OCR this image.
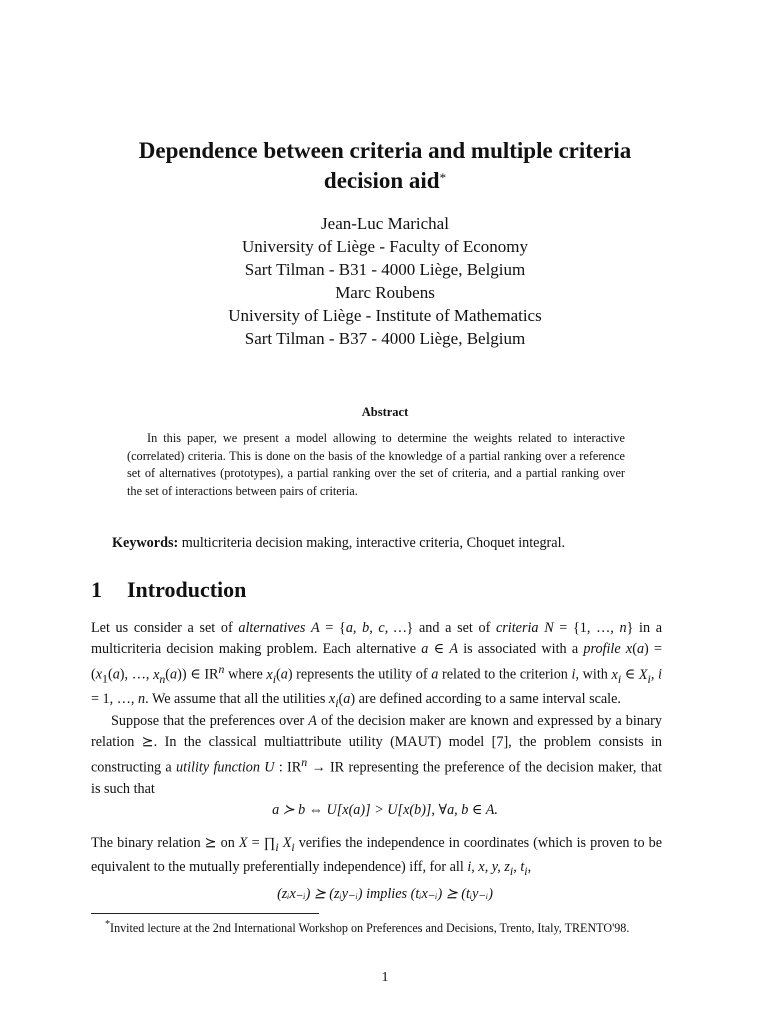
Dependence between criteria and multiple criteria
decision aid*
Jean-Luc Marichal
University of Liège - Faculty of Economy
Sart Tilman - B31 - 4000 Liège, Belgium
Marc Roubens
University of Liège - Institute of Mathematics
Sart Tilman - B37 - 4000 Liège, Belgium
Abstract
In this paper, we present a model allowing to determine the weights related to interactive (correlated) criteria. This is done on the basis of the knowledge of a partial ranking over a reference set of alternatives (prototypes), a partial ranking over the set of criteria, and a partial ranking over the set of interactions between pairs of criteria.
Keywords: multicriteria decision making, interactive criteria, Choquet integral.
1 Introduction
Let us consider a set of alternatives A = {a, b, c, …} and a set of criteria N = {1, …, n} in a multicriteria decision making problem. Each alternative a ∈ A is associated with a profile $x(a) = (x_1(a)$, …, $x_n(a)$) ∈ $IR^n$ where $x_i(a)$ represents the utility of a related to the criterion i, with $x_i$ ∈ $X_i$, i = 1, …, n. We assume that all the utilities $x_i(a)$ are defined according to a same interval scale.
Suppose that the preferences over A of the decision maker are known and expressed by a binary relation ⪰. In the classical multiattribute utility (MAUT) model [7], the problem consists in constructing a utility function U : $IR^n$ → IR representing the preference of the decision maker, that is such that
a ≻ b ⇔ U[x(a)] > U[x(b)], ∀a, b ∈ A.
The binary relation ⪰ on $X = \prod_i$ $X_i$ verifies the independence in coordinates (which is proven to be equivalent to the mutually preferentially independence) iff, for all i, x, y, $z_i$, $t_i$,
(zᵢx₋ᵢ) ⪰ (zᵢy₋ᵢ) implies (tᵢx₋ᵢ) ⪰ (tᵢy₋ᵢ)
*Invited lecture at the 2nd International Workshop on Preferences and Decisions, Trento, Italy, TRENTO'98.
1
